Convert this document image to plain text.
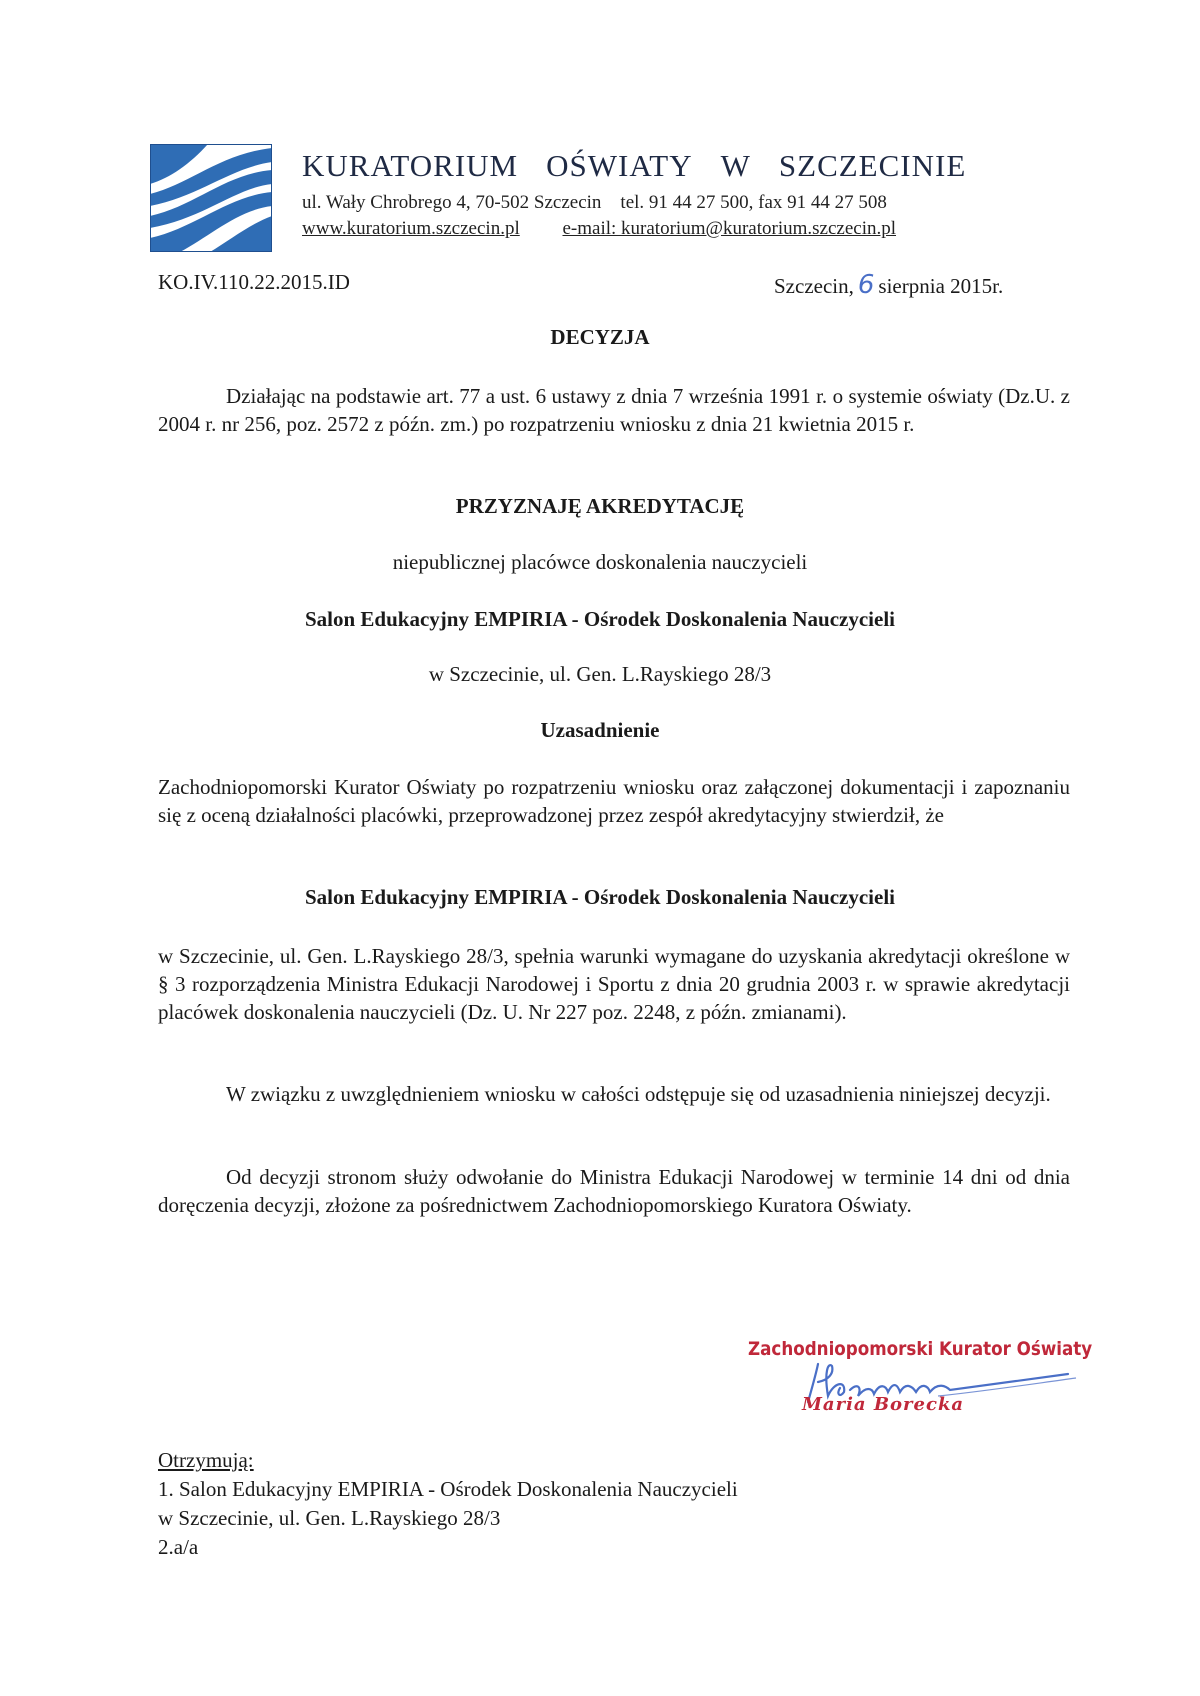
KURATORIUM OŚWIATY W SZCZECINIE
ul. Wały Chrobrego 4, 70-502 Szczecin tel. 91 44 27 500, fax 91 44 27 508
www.kuratorium.szczecin.pl e-mail: kuratorium@kuratorium.szczecin.pl
KO.IV.110.22.2015.ID	Szczecin, 6 sierpnia 2015r.
DECYZJA
Działając na podstawie art. 77 a ust. 6 ustawy z dnia 7 września 1991 r. o systemie oświaty (Dz.U. z 2004 r. nr 256, poz. 2572 z późn. zm.) po rozpatrzeniu wniosku z dnia 21 kwietnia 2015 r.
PRZYZNAJĘ AKREDYTACJĘ
niepublicznej placówce doskonalenia nauczycieli
Salon Edukacyjny EMPIRIA - Ośrodek Doskonalenia Nauczycieli
w Szczecinie, ul. Gen. L.Rayskiego 28/3
Uzasadnienie
Zachodniopomorski Kurator Oświaty po rozpatrzeniu wniosku oraz załączonej dokumentacji i zapoznaniu się z oceną działalności placówki, przeprowadzonej przez zespół akredytacyjny stwierdził, że
Salon Edukacyjny EMPIRIA - Ośrodek Doskonalenia Nauczycieli
w Szczecinie, ul. Gen. L.Rayskiego 28/3, spełnia warunki wymagane do uzyskania akredytacji określone w § 3 rozporządzenia Ministra Edukacji Narodowej i Sportu z dnia 20 grudnia 2003 r. w sprawie akredytacji placówek doskonalenia nauczycieli (Dz. U. Nr 227 poz. 2248, z późn. zmianami).
W związku z uwzględnieniem wniosku w całości odstępuje się od uzasadnienia niniejszej decyzji.
Od decyzji stronom służy odwołanie do Ministra Edukacji Narodowej w terminie 14 dni od dnia doręczenia decyzji, złożone za pośrednictwem Zachodniopomorskiego Kuratora Oświaty.
Zachodniopomorski Kurator Oświaty
Maria Borecka
Otrzymują:
1. Salon Edukacyjny EMPIRIA - Ośrodek Doskonalenia Nauczycieli
w Szczecinie, ul. Gen. L.Rayskiego 28/3
2.a/a
